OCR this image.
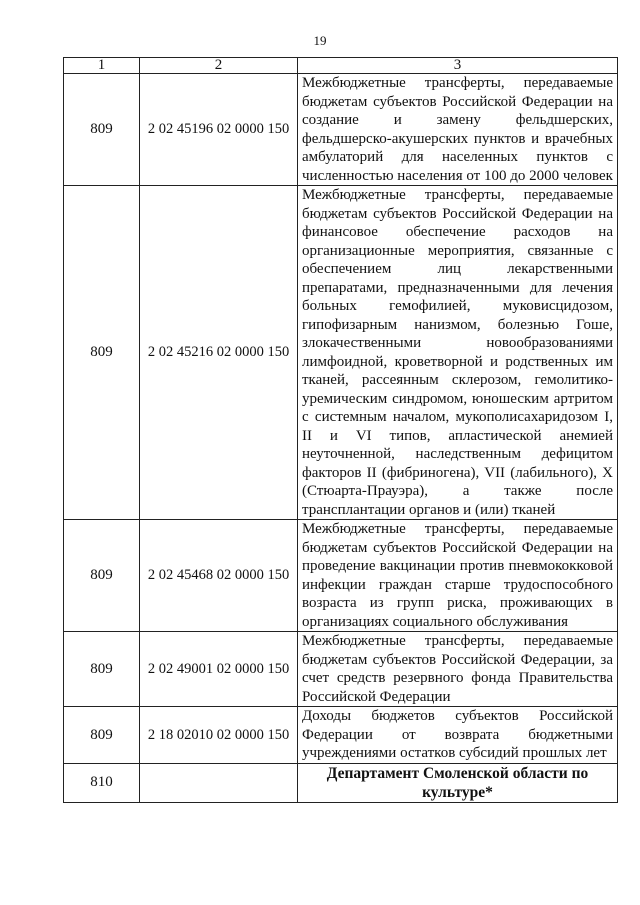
19
1	2	3
809	2 02 45196 02 0000 150	Межбюджетные трансферты, передаваемые бюджетам субъектов Российской Федерации на создание и замену фельдшерских, фельдшерско-акушерских пунктов и врачебных амбулаторий для населенных пунктов с численностью населения от 100 до 2000 человек
809	2 02 45216 02 0000 150	Межбюджетные трансферты, передаваемые бюджетам субъектов Российской Федерации на финансовое обеспечение расходов на организационные мероприятия, связанные с обеспечением лиц лекарственными препаратами, предназначенными для лечения больных гемофилией, муковисцидозом, гипофизарным нанизмом, болезнью Гоше, злокачественными новообразованиями лимфоидной, кроветворной и родственных им тканей, рассеянным склерозом, гемолитико-уремическим синдромом, юношеским артритом с системным началом, мукополисахаридозом I, II и VI типов, апластической анемией неуточненной, наследственным дефицитом факторов II (фибриногена), VII (лабильного), X (Стюарта-Прауэра), а также после трансплантации органов и (или) тканей
809	2 02 45468 02 0000 150	Межбюджетные трансферты, передаваемые бюджетам субъектов Российской Федерации на проведение вакцинации против пневмококковой инфекции граждан старше трудоспособного возраста из групп риска, проживающих в организациях социального обслуживания
809	2 02 49001 02 0000 150	Межбюджетные трансферты, передаваемые бюджетам субъектов Российской Федерации, за счет средств резервного фонда Правительства Российской Федерации
809	2 18 02010 02 0000 150	Доходы бюджетов субъектов Российской Федерации от возврата бюджетными учреждениями остатков субсидий прошлых лет
810		Департамент Смоленской области по культуре*
